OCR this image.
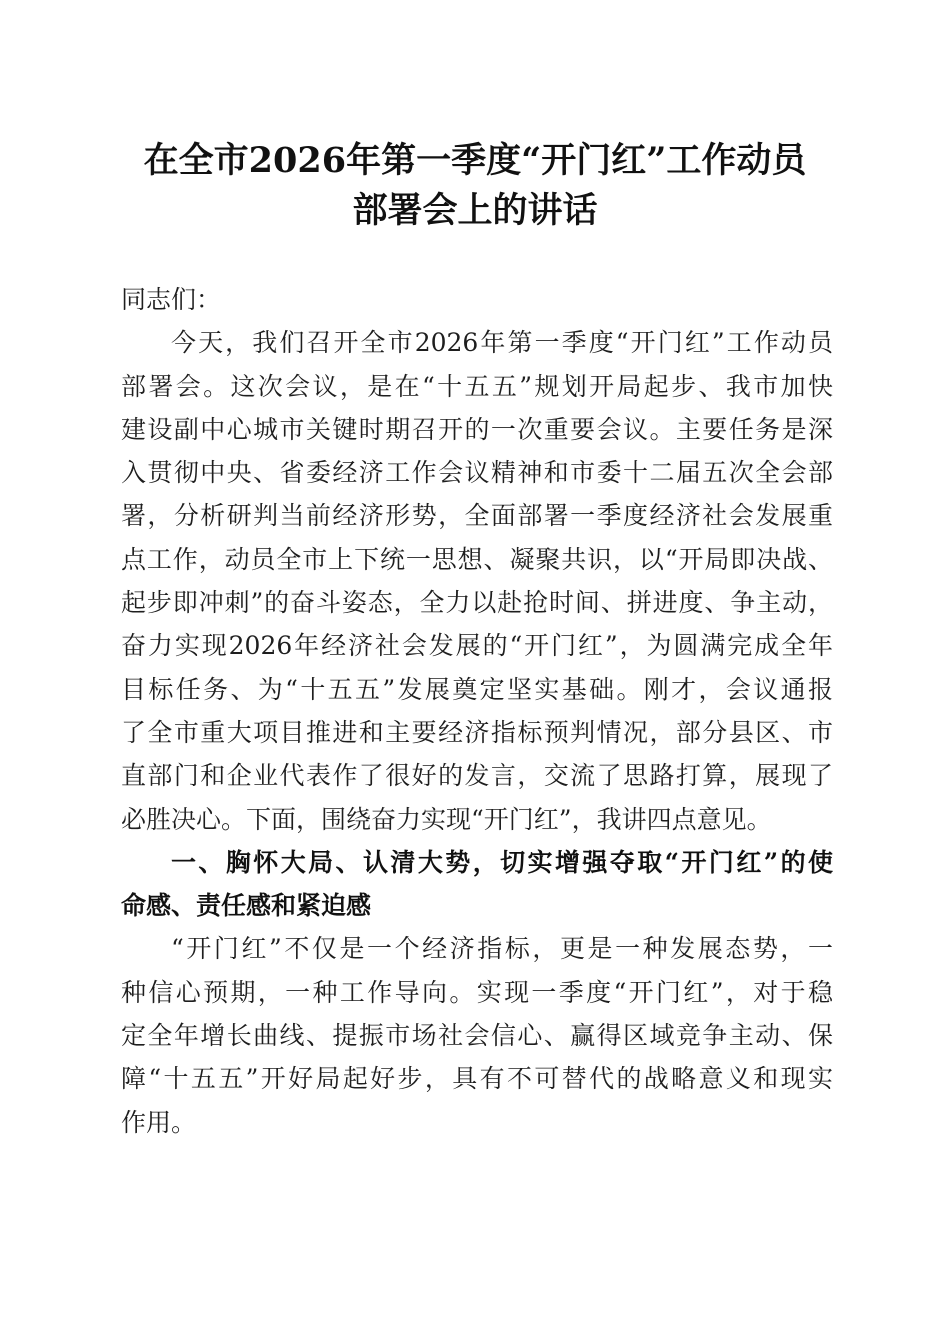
在全市2026年第一季度“开门红”工作动员
部署会上的讲话
同志们：
今天，我们召开全市2026年第一季度“开门红”工作动员
部署会。这次会议，是在“十五五”规划开局起步、我市加快
建设副中心城市关键时期召开的一次重要会议。主要任务是深
入贯彻中央、省委经济工作会议精神和市委十二届五次全会部
署，分析研判当前经济形势，全面部署一季度经济社会发展重
点工作，动员全市上下统一思想、凝聚共识，以“开局即决战、
起步即冲刺”的奋斗姿态，全力以赴抢时间、拼进度、争主动，
奋力实现2026年经济社会发展的“开门红”，为圆满完成全年
目标任务、为“十五五”发展奠定坚实基础。刚才，会议通报
了全市重大项目推进和主要经济指标预判情况，部分县区、市
直部门和企业代表作了很好的发言，交流了思路打算，展现了
必胜决心。下面，围绕奋力实现“开门红”，我讲四点意见。
一、胸怀大局、认清大势，切实增强夺取“开门红”的使
命感、责任感和紧迫感
“开门红”不仅是一个经济指标，更是一种发展态势，一
种信心预期，一种工作导向。实现一季度“开门红”，对于稳
定全年增长曲线、提振市场社会信心、赢得区域竞争主动、保
障“十五五”开好局起好步，具有不可替代的战略意义和现实
作用。
